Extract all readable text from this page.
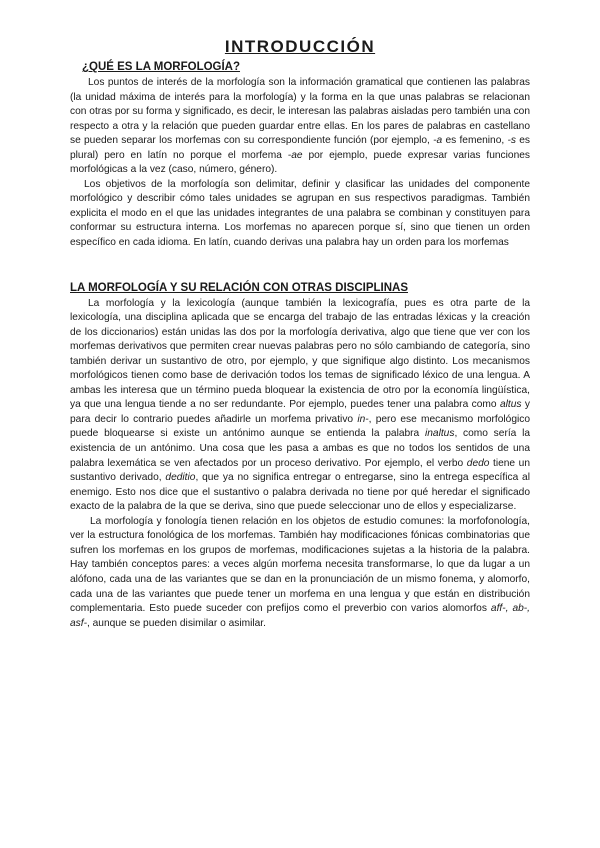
INTRODUCCIÓN
¿QUÉ ES LA MORFOLOGÍA?

Los puntos de interés de la morfología son la información gramatical que contienen las palabras (la unidad máxima de interés para la morfología) y la forma en la que unas palabras se relacionan con otras por su forma y significado, es decir, le interesan las palabras aisladas pero también una con respecto a otra y la relación que pueden guardar entre ellas. En los pares de palabras en castellano se pueden separar los morfemas con su correspondiente función (por ejemplo, -a es femenino, -s es plural) pero en latín no porque el morfema -ae por ejemplo, puede expresar varias funciones morfológicas a la vez (caso, número, género).

Los objetivos de la morfología son delimitar, definir y clasificar las unidades del componente morfológico y describir cómo tales unidades se agrupan en sus respectivos paradigmas. También explicita el modo en el que las unidades integrantes de una palabra se combinan y constituyen para conformar su estructura interna. Los morfemas no aparecen porque sí, sino que tienen un orden específico en cada idioma. En latín, cuando derivas una palabra hay un orden para los morfemas

LA MORFOLOGÍA Y SU RELACIÓN CON OTRAS DISCIPLINAS

La morfología y la lexicología (aunque también la lexicografía, pues es otra parte de la lexicología, una disciplina aplicada que se encarga del trabajo de las entradas léxicas y la creación de los diccionarios) están unidas las dos por la morfología derivativa, algo que tiene que ver con los morfemas derivativos que permiten crear nuevas palabras pero no sólo cambiando de categoría, sino también derivar un sustantivo de otro, por ejemplo, y que signifique algo distinto. Los mecanismos morfológicos tienen como base de derivación todos los temas de significado léxico de una lengua. A ambas les interesa que un término pueda bloquear la existencia de otro por la economía lingüística, ya que una lengua tiende a no ser redundante. Por ejemplo, puedes tener una palabra como altus y para decir lo contrario puedes añadirle un morfema privativo in-, pero ese mecanismo morfológico puede bloquearse si existe un antónimo aunque se entienda la palabra inaltus, como sería la existencia de un antónimo. Una cosa que les pasa a ambas es que no todos los sentidos de una palabra lexemática se ven afectados por un proceso derivativo. Por ejemplo, el verbo dedo tiene un sustantivo derivado, deditio, que ya no significa entregar o entregarse, sino la entrega específica al enemigo. Esto nos dice que el sustantivo o palabra derivada no tiene por qué heredar el significado exacto de la palabra de la que se deriva, sino que puede seleccionar uno de ellos y especializarse.

La morfología y fonología tienen relación en los objetos de estudio comunes: la morfofonología, ver la estructura fonológica de los morfemas. También hay modificaciones fónicas combinatorias que sufren los morfemas en los grupos de morfemas, modificaciones sujetas a la historia de la palabra. Hay también conceptos pares: a veces algún morfema necesita transformarse, lo que da lugar a un alófono, cada una de las variantes que se dan en la pronunciación de un mismo fonema, y alomorfo, cada una de las variantes que puede tener un morfema en una lengua y que están en distribución complementaria. Esto puede suceder con prefijos como el preverbio con varios alomorfos aff-, ab-, asf-, aunque se pueden disimilar o asimilar.
